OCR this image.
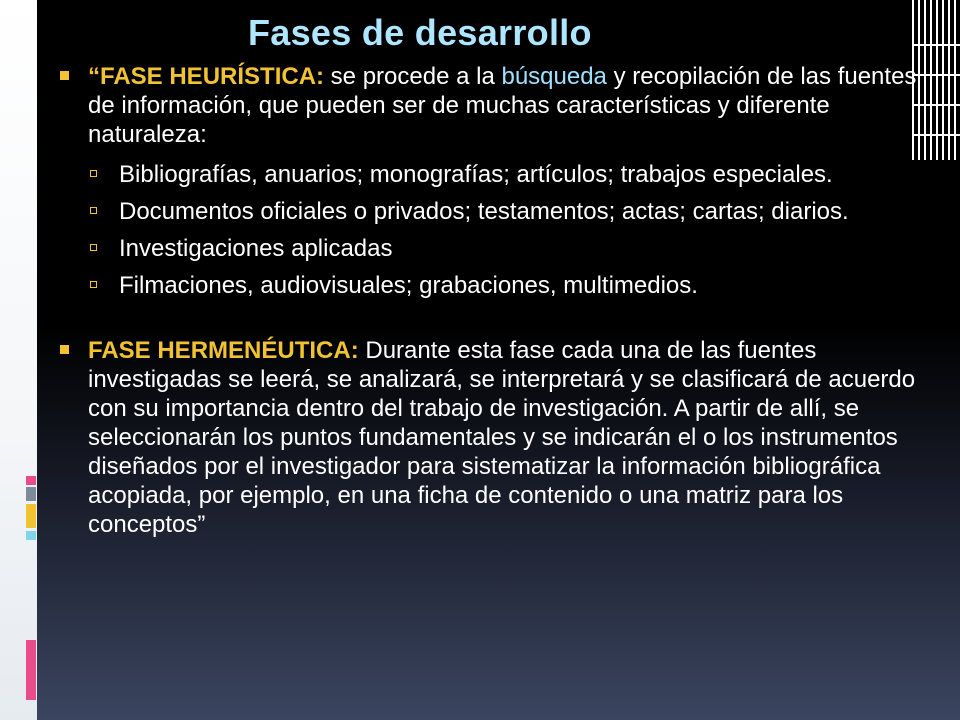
Fases de desarrollo
“FASE HEURÍSTICA: se procede a la búsqueda y recopilación de las fuentes de información, que pueden ser de muchas características y diferente naturaleza:
Bibliografías, anuarios; monografías; artículos; trabajos especiales.
Documentos oficiales o privados; testamentos; actas; cartas; diarios.
Investigaciones aplicadas
Filmaciones, audiovisuales; grabaciones, multimedios.
FASE HERMENÉUTICA: Durante esta fase cada una de las fuentes investigadas se leerá, se analizará, se interpretará y se clasificará de acuerdo con su importancia dentro del trabajo de investigación. A partir de allí, se seleccionarán los puntos fundamentales y se indicarán el o los instrumentos diseñados por el investigador para sistematizar la información bibliográfica acopiada, por ejemplo, en una ficha de contenido o una matriz para los conceptos”
